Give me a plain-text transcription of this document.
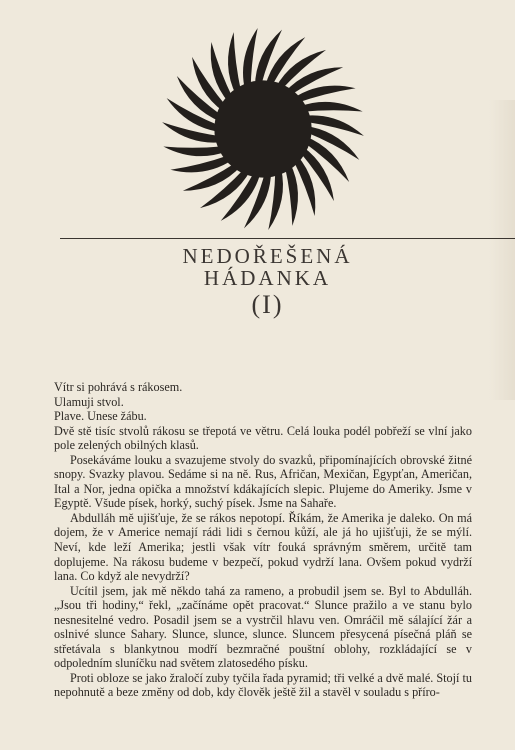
NEDOŘEŠENÁ
HÁDANKA
(I)

Vítr si pohrává s rákosem.

Ulamuji stvol.

Plave. Unese žábu.

Dvě stě tisíc stvolů rákosu se třepotá ve větru. Celá louka podél pobřeží se vlní jako pole zelených obilných klasů.

Posekáváme louku a svazujeme stvoly do svazků, připomínajících obrovské žitné snopy. Svazky plavou. Sedáme si na ně. Rus, Afričan, Mexičan, Egypťan, Američan, Ital a Nor, jedna opička a množství kdákajících slepic. Plujeme do Ameriky. Jsme v Egyptě. Všude písek, horký, suchý písek. Jsme na Sahaře.

Abdulláh mě ujišťuje, že se rákos nepotopí. Říkám, že Amerika je daleko. On má dojem, že v Americe nemají rádi lidi s černou kůží, ale já ho ujišťuji, že se mýlí. Neví, kde leží Amerika; jestli však vítr fouká správným směrem, určitě tam doplujeme. Na rákosu budeme v bezpečí, pokud vydrží lana. Ovšem pokud vydrží lana. Co když ale nevydrží?

Ucítil jsem, jak mě někdo tahá za rameno, a probudil jsem se. Byl to Abdulláh. „Jsou tři hodiny,“ řekl, „začínáme opět pracovat.“ Slunce pražilo a ve stanu bylo nesnesitelné vedro. Posadil jsem se a vystrčil hlavu ven. Omráčil mě sálající žár a oslnivé slunce Sahary. Slunce, slunce, slunce. Sluncem přesycená písečná pláň se střetávala s blankytnou modří bezmračné pouštní oblohy, rozkládající se v odpoledním sluníčku nad světem zlatosedého písku.

Proti obloze se jako žraločí zuby tyčila řada pyramid; tři velké a dvě malé. Stojí tu nepohnutě a beze změny od dob, kdy člověk ještě žil a stavěl v souladu s příro-
